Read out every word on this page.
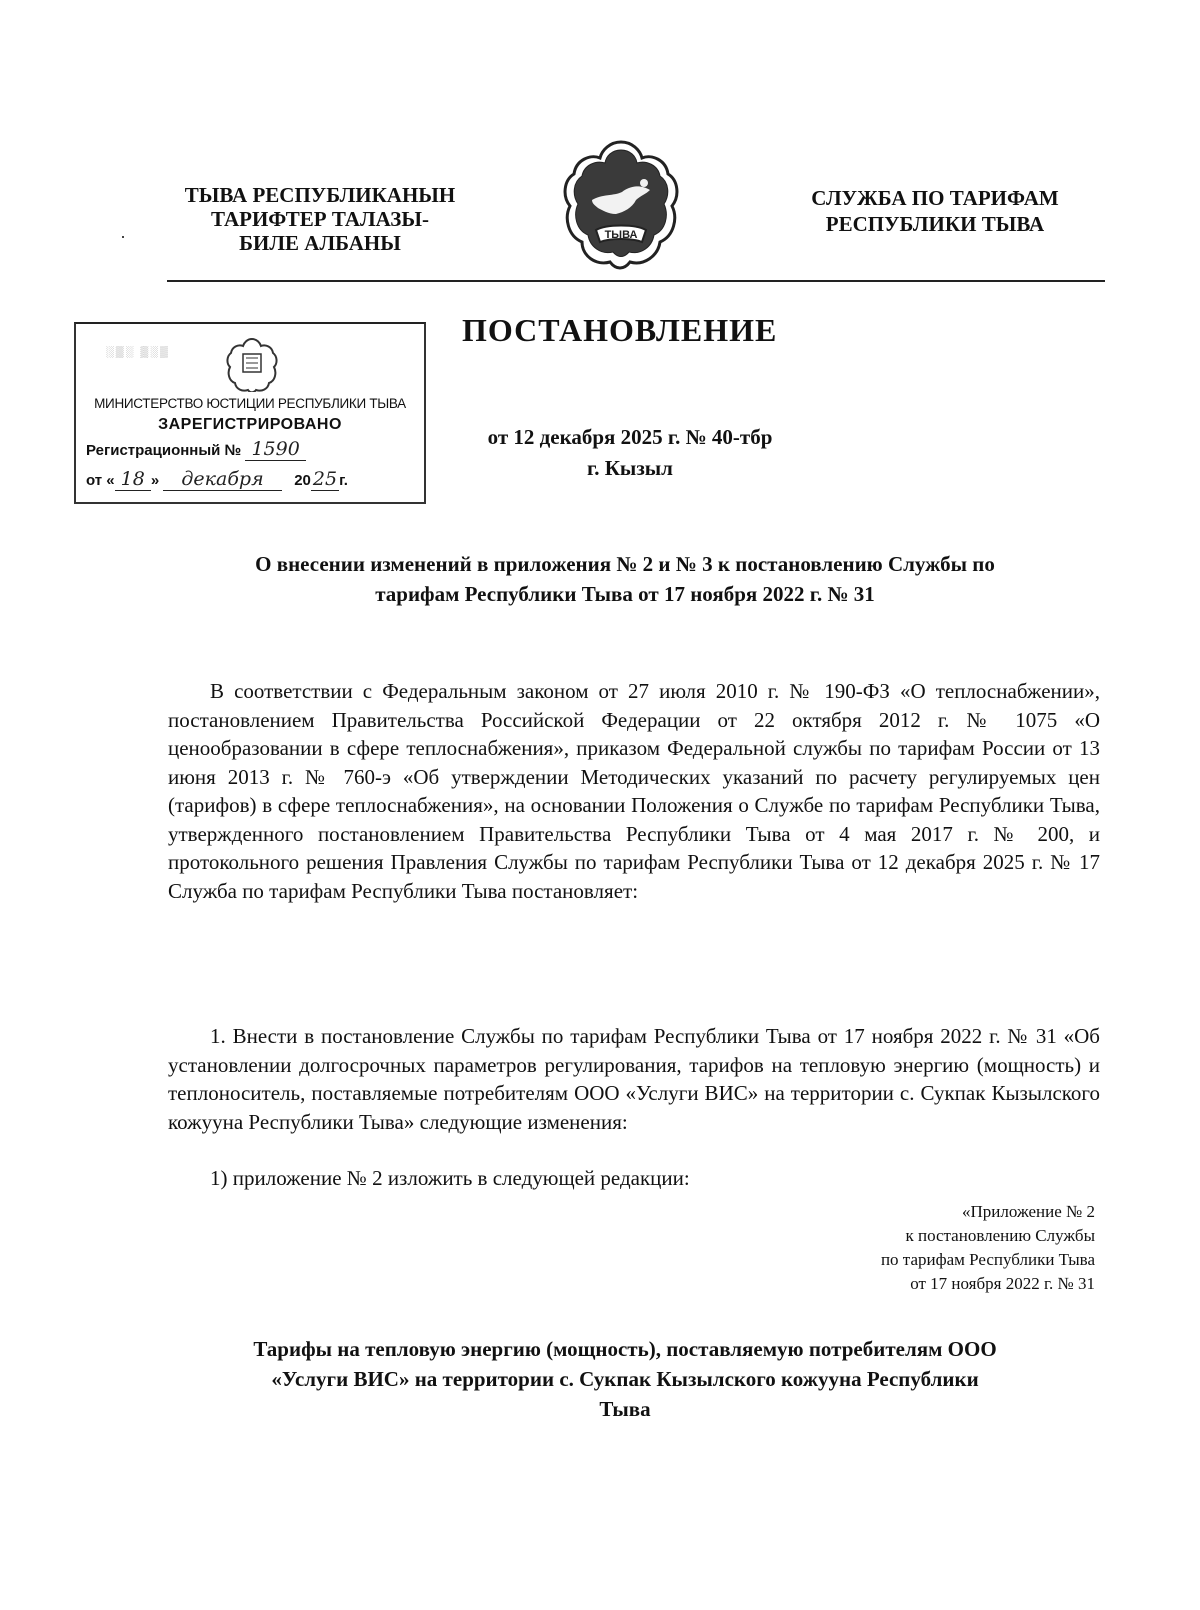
ТЫВА РЕСПУБЛИКАНЫН
ТАРИФТЕР ТАЛАЗЫ-
БИЛЕ АЛБАНЫ	ТЫВА
СЛУЖБА ПО ТАРИФАМ
РЕСПУБЛИКИ ТЫВА
░▒░ ▒░▒
МИНИСТЕРСТВО ЮСТИЦИИ РЕСПУБЛИКИ ТЫВА
ЗАРЕГИСТРИРОВАНО
Регистрационный № 1590
от « 18 » декабря 20 25 г.
ПОСТАНОВЛЕНИЕ
от 12 декабря 2025 г. № 40-тбр
г. Кызыл
О внесении изменений в приложения № 2 и № 3 к постановлению Службы по
тарифам Республики Тыва от 17 ноября 2022 г. № 31
В соответствии с Федеральным законом от 27 июля 2010 г. № 190-ФЗ «О теплоснабжении», постановлением Правительства Российской Федерации от 22 октября 2012 г. № 1075 «О ценообразовании в сфере теплоснабжения», приказом Федеральной службы по тарифам России от 13 июня 2013 г. № 760-э «Об утверждении Методических указаний по расчету регулируемых цен (тарифов) в сфере теплоснабжения», на основании Положения о Службе по тарифам Республики Тыва, утвержденного постановлением Правительства Республики Тыва от 4 мая 2017 г. № 200, и протокольного решения Правления Службы по тарифам Республики Тыва от 12 декабря 2025 г. № 17 Служба по тарифам Республики Тыва постановляет:
1. Внести в постановление Службы по тарифам Республики Тыва от 17 ноября 2022 г. № 31 «Об установлении долгосрочных параметров регулирования, тарифов на тепловую энергию (мощность) и теплоноситель, поставляемые потребителям ООО «Услуги ВИС» на территории с. Сукпак Кызылского кожууна Республики Тыва» следующие изменения:
1) приложение № 2 изложить в следующей редакции:
«Приложение № 2
к постановлению Службы
по тарифам Республики Тыва
от 17 ноября 2022 г. № 31
Тарифы на тепловую энергию (мощность), поставляемую потребителям ООО
«Услуги ВИС» на территории с. Сукпак Кызылского кожууна Республики
Тыва
